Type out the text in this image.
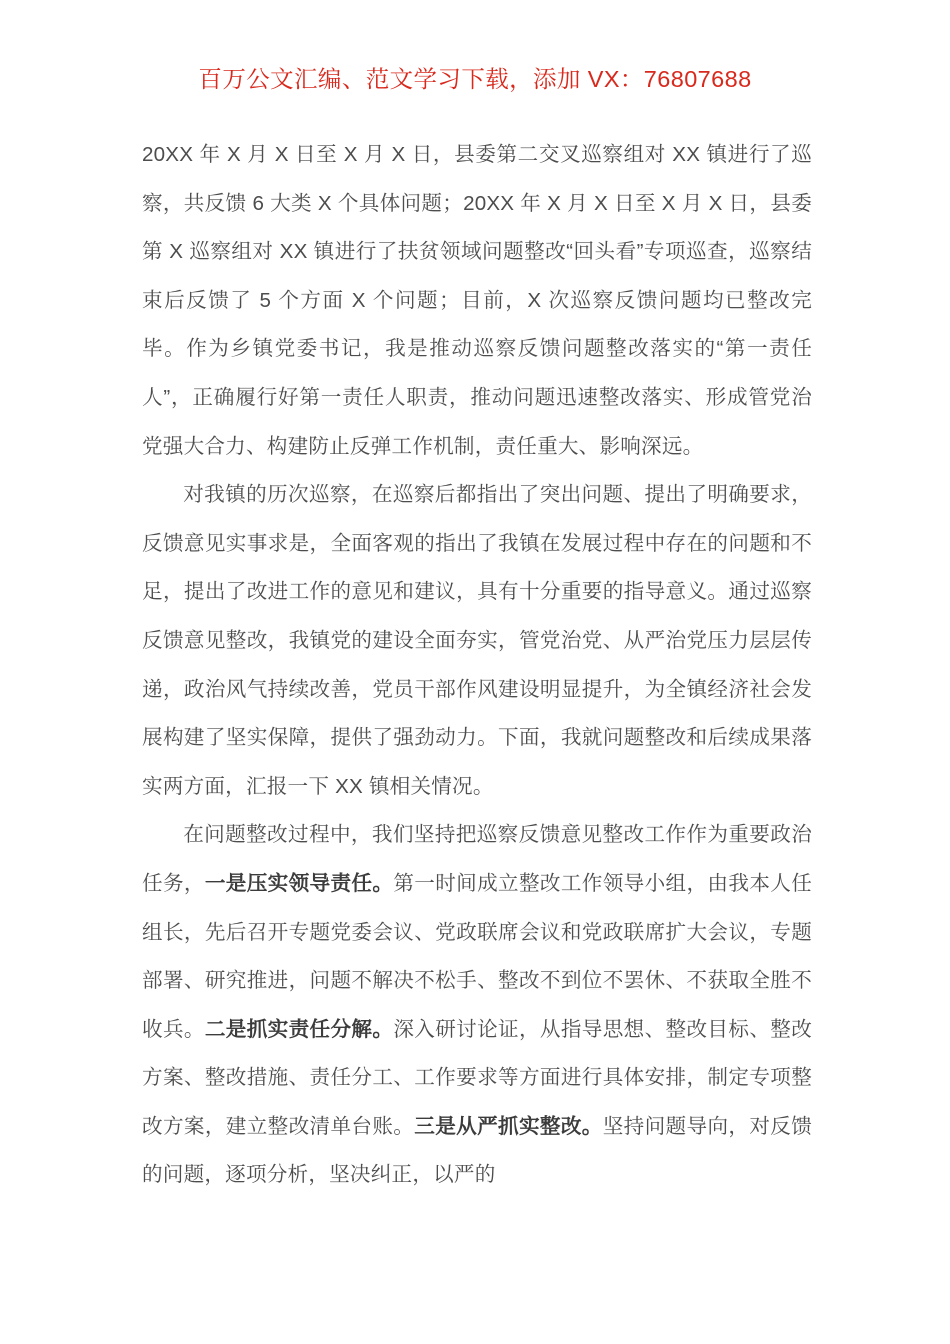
百万公文汇编、范文学习下载，添加 VX：76807688

20XX 年 X 月 X 日至 X 月 X 日，县委第二交叉巡察组对 XX 镇进行了巡察，共反馈 6 大类 X 个具体问题；20XX 年 X 月 X 日至 X 月 X 日，县委第 X 巡察组对 XX 镇进行了扶贫领域问题整改“回头看”专项巡查，巡察结束后反馈了 5 个方面 X 个问题；目前，X 次巡察反馈问题均已整改完毕。作为乡镇党委书记，我是推动巡察反馈问题整改落实的“第一责任人”，正确履行好第一责任人职责，推动问题迅速整改落实、形成管党治党强大合力、构建防止反弹工作机制，责任重大、影响深远。

对我镇的历次巡察，在巡察后都指出了突出问题、提出了明确要求，反馈意见实事求是，全面客观的指出了我镇在发展过程中存在的问题和不足，提出了改进工作的意见和建议，具有十分重要的指导意义。通过巡察反馈意见整改，我镇党的建设全面夯实，管党治党、从严治党压力层层传递，政治风气持续改善，党员干部作风建设明显提升，为全镇经济社会发展构建了坚实保障，提供了强劲动力。下面，我就问题整改和后续成果落实两方面，汇报一下 XX 镇相关情况。

在问题整改过程中，我们坚持把巡察反馈意见整改工作作为重要政治任务，一是压实领导责任。第一时间成立整改工作领导小组，由我本人任组长，先后召开专题党委会议、党政联席会议和党政联席扩大会议，专题部署、研究推进，问题不解决不松手、整改不到位不罢休、不获取全胜不收兵。二是抓实责任分解。深入研讨论证，从指导思想、整改目标、整改方案、整改措施、责任分工、工作要求等方面进行具体安排，制定专项整改方案，建立整改清单台账。三是从严抓实整改。坚持问题导向，对反馈的问题，逐项分析，坚决纠正，以严的
